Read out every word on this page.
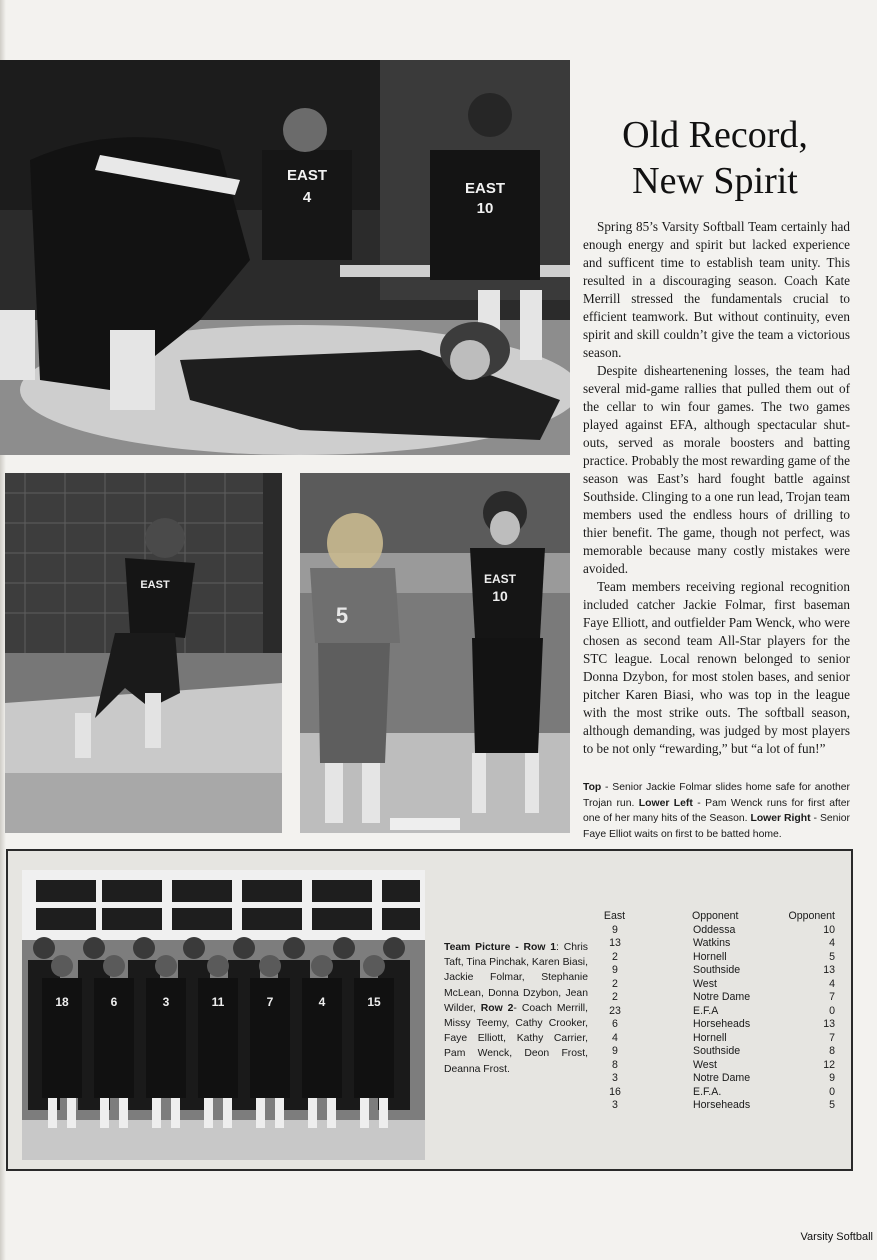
EAST
4
EAST
10
EAST
5
EAST
10
Old Record,
New Spirit

Spring 85’s Varsity Softball Team certainly had enough energy and spirit but lacked experience and sufficent time to establish team unity. This resulted in a discouraging season. Coach Kate Merrill stressed the fundamentals crucial to efficient teamwork. But without continuity, even spirit and skill couldn’t give the team a victorious season.

Despite disheartenening losses, the team had several mid-game rallies that pulled them out of the cellar to win four games. The two games played against EFA, although spectacular shut-outs, served as morale boosters and batting practice. Probably the most rewarding game of the season was East’s hard fought battle against Southside. Clinging to a one run lead, Trojan team members used the endless hours of drilling to thier benefit. The game, though not perfect, was memorable because many costly mistakes were avoided.

Team members receiving regional recognition included catcher Jackie Folmar, first baseman Faye Elliott, and outfielder Pam Wenck, who were chosen as second team All-Star players for the STC league. Local renown belonged to senior Donna Dzybon, for most stolen bases, and senior pitcher Karen Biasi, who was top in the league with the most strike outs. The softball season, although demanding, was judged by most players to be not only “rewarding,” but “a lot of fun!”

Top - Senior Jackie Folmar slides home safe for another Trojan run. Lower Left - Pam Wenck runs for first after one of her many hits of the Season. Lower Right - Senior Faye Elliot waits on first to be batted home.
18	6	3	11	7	4	15
Team Picture - Row 1: Chris Taft, Tina Pinchak, Karen Biasi, Jackie Folmar, Stephanie McLean, Donna Dzybon, Jean Wilder, Row 2- Coach Merrill, Missy Teemy, Cathy Crooker, Faye Elliott, Kathy Carrier, Pam Wenck, Deon Frost, Deanna Frost.
East	Opponent	Opponent
9	Oddessa	10
13	Watkins	4
2	Hornell	5
9	Southside	13
2	West	4
2	Notre Dame	7
23	E.F.A	0
6	Horseheads	13
4	Hornell	7
9	Southside	8
8	West	12
3	Notre Dame	9
16	E.F.A.	0
3	Horseheads	5
Varsity Softball
